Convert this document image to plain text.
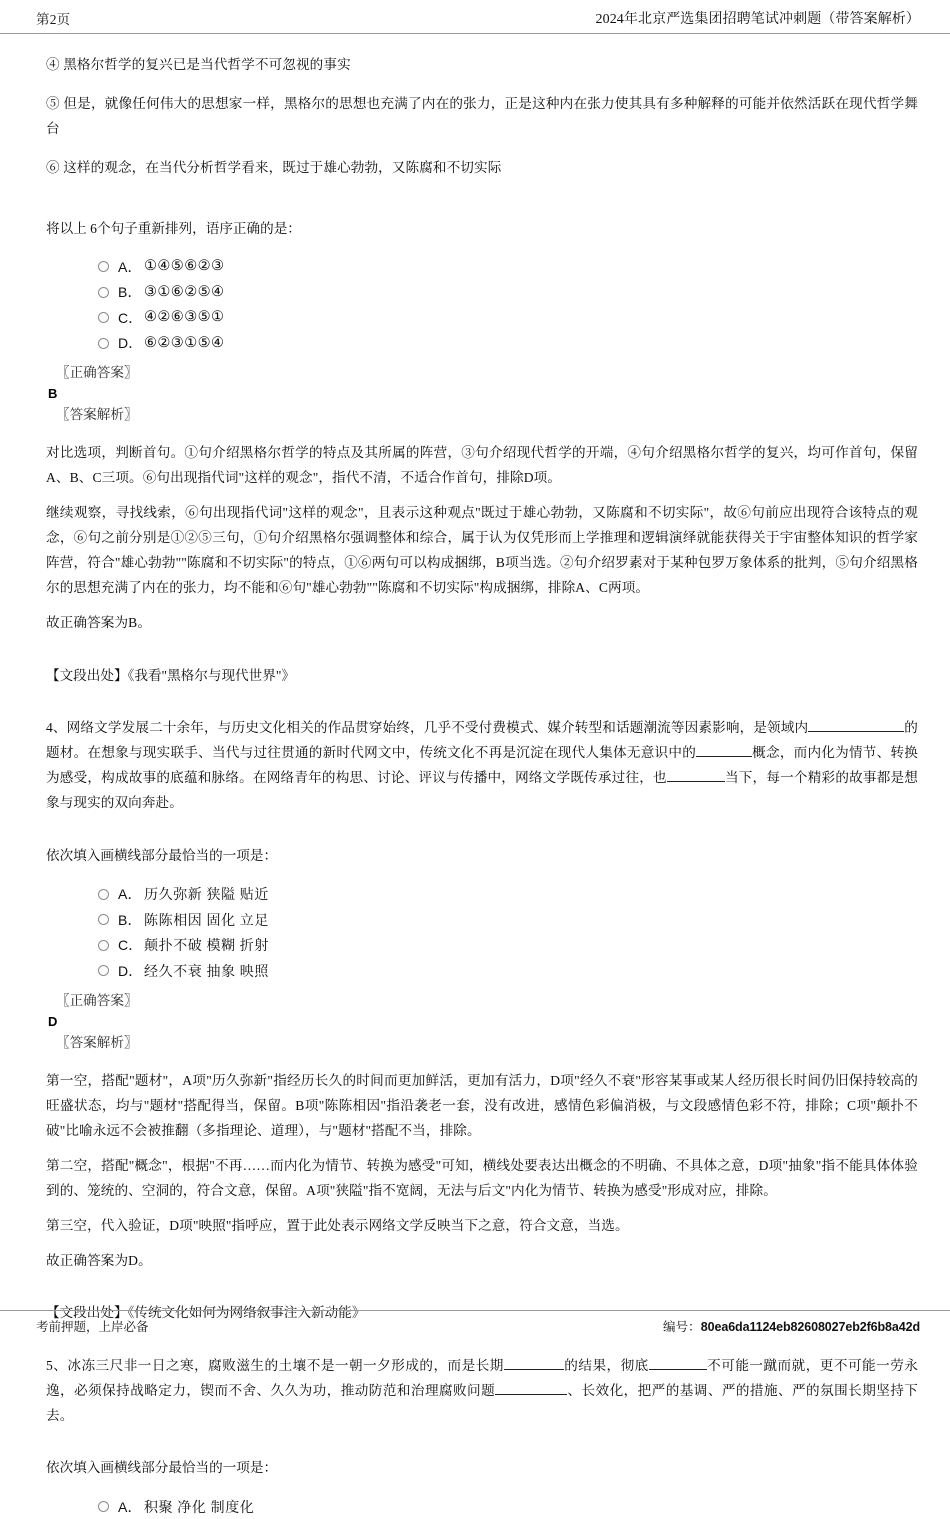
第2页	2024年北京严选集团招聘笔试冲刺题（带答案解析）

④ 黑格尔哲学的复兴已是当代哲学不可忽视的事实

⑤ 但是，就像任何伟大的思想家一样，黑格尔的思想也充满了内在的张力，正是这种内在张力使其具有多种解释的可能并依然活跃在现代哲学舞台

⑥ 这样的观念，在当代分析哲学看来，既过于雄心勃勃，又陈腐和不切实际

将以上 6个句子重新排列，语序正确的是：

A． ①④⑤⑥②③
B． ③①⑥②⑤④
C． ④②⑥③⑤①
D． ⑥②③①⑤④
〖正确答案〗
B
〖答案解析〗

对比选项，判断首句。①句介绍黑格尔哲学的特点及其所属的阵营，③句介绍现代哲学的开端，④句介绍黑格尔哲学的复兴，均可作首句，保留A、B、C三项。⑥句出现指代词"这样的观念"，指代不清，不适合作首句，排除D项。

继续观察，寻找线索，⑥句出现指代词"这样的观念"，且表示这种观点"既过于雄心勃勃，又陈腐和不切实际"，故⑥句前应出现符合该特点的观念，⑥句之前分别是①②⑤三句，①句介绍黑格尔强调整体和综合，属于认为仅凭形而上学推理和逻辑演绎就能获得关于宇宙整体知识的哲学家阵营，符合"雄心勃勃""陈腐和不切实际"的特点，①⑥两句可以构成捆绑，B项当选。②句介绍罗素对于某种包罗万象体系的批判，⑤句介绍黑格尔的思想充满了内在的张力，均不能和⑥句"雄心勃勃""陈腐和不切实际"构成捆绑，排除A、C两项。

故正确答案为B。

【文段出处】《我看"黑格尔与现代世界"》

4、网络文学发展二十余年，与历史文化相关的作品贯穿始终，几乎不受付费模式、媒介转型和话题潮流等因素影响，是领域内	的题材。在想象与现实联手、当代与过往贯通的新时代网文中，传统文化不再是沉淀在现代人集体无意识中的	概念，而内化为情节、转换为感受，构成故事的底蕴和脉络。在网络青年的构思、讨论、评议与传播中，网络文学既传承过往，也	当下，每一个精彩的故事都是想象与现实的双向奔赴。

依次填入画横线部分最恰当的一项是：

A． 历久弥新 狭隘 贴近
B． 陈陈相因 固化 立足
C． 颠扑不破 模糊 折射
D． 经久不衰 抽象 映照
〖正确答案〗
D
〖答案解析〗

第一空，搭配"题材"，A项"历久弥新"指经历长久的时间而更加鲜活，更加有活力，D项"经久不衰"形容某事或某人经历很长时间仍旧保持较高的旺盛状态，均与"题材"搭配得当，保留。B项"陈陈相因"指沿袭老一套，没有改进，感情色彩偏消极，与文段感情色彩不符，排除；C项"颠扑不破"比喻永远不会被推翻（多指理论、道理），与"题材"搭配不当，排除。

第二空，搭配"概念"，根据"不再……而内化为情节、转换为感受"可知，横线处要表达出概念的不明确、不具体之意，D项"抽象"指不能具体体验到的、笼统的、空洞的，符合文意，保留。A项"狭隘"指不宽阔，无法与后文"内化为情节、转换为感受"形成对应，排除。

第三空，代入验证，D项"映照"指呼应，置于此处表示网络文学反映当下之意，符合文意，当选。

故正确答案为D。

【文段出处】《传统文化如何为网络叙事注入新动能》

5、冰冻三尺非一日之寒，腐败滋生的土壤不是一朝一夕形成的，而是长期	的结果，彻底	不可能一蹴而就，更不可能一劳永逸，必须保持战略定力，锲而不舍、久久为功，推动防范和治理腐败问题	、长效化，把严的基调、严的措施、严的氛围长期坚持下去。

依次填入画横线部分最恰当的一项是：

A． 积聚 净化 制度化
考前押题，上岸必备	编号：80ea6da1124eb82608027eb2f6b8a42d
